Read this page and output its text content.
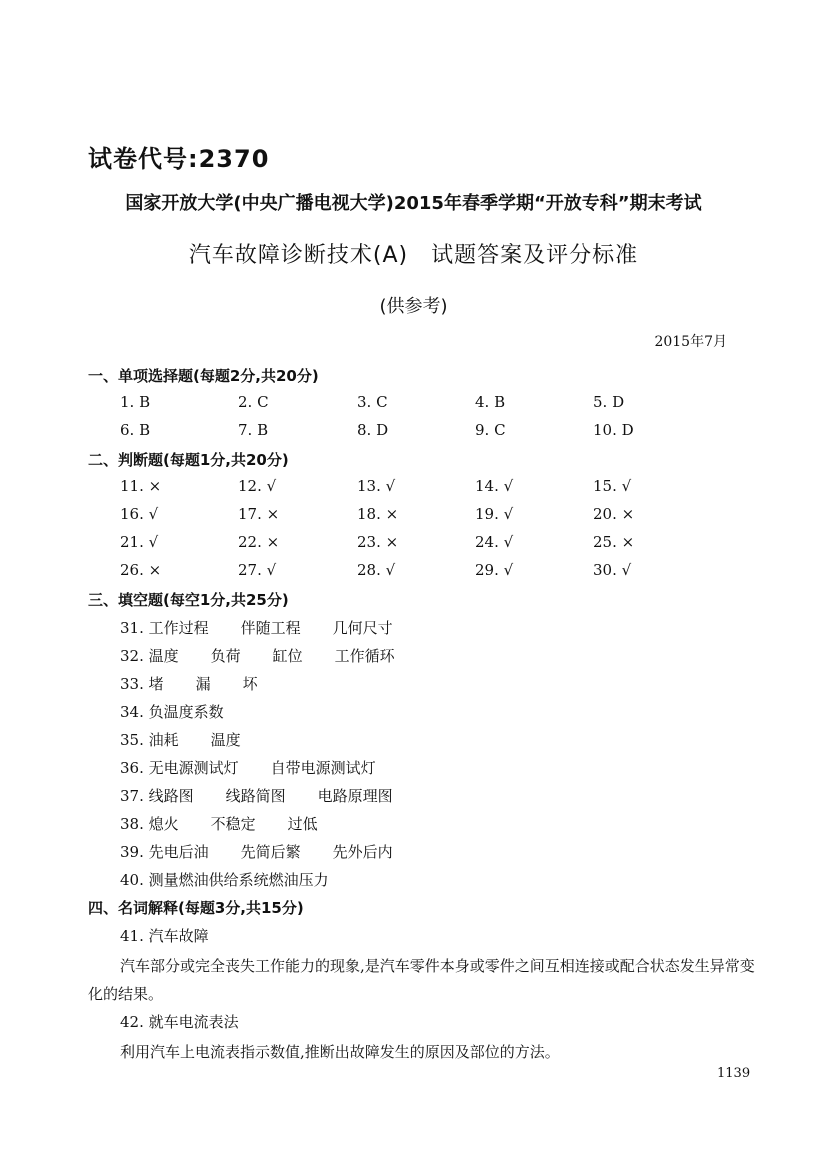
试卷代号:2370
国家开放大学(中央广播电视大学)2015年春季学期“开放专科”期末考试
汽车故障诊断技术(A)　试题答案及评分标准
(供参考)
2015年7月
一、单项选择题(每题2分,共20分)
1. B	2. C	3. C	4. B	5. D
6. B	7. B	8. D	9. C	10. D
二、判断题(每题1分,共20分)
11. ×	12. √	13. √	14. √	15. √
16. √	17. ×	18. ×	19. √	20. ×
21. √	22. ×	23. ×	24. √	25. ×
26. ×	27. √	28. √	29. √	30. √
三、填空题(每空1分,共25分)
31. 工作过程 伴随工程 几何尺寸
32. 温度 负荷 缸位 工作循环
33. 堵 漏 坏
34. 负温度系数
35. 油耗 温度
36. 无电源测试灯 自带电源测试灯
37. 线路图 线路简图 电路原理图
38. 熄火 不稳定 过低
39. 先电后油 先简后繁 先外后内
40. 测量燃油供给系统燃油压力
四、名词解释(每题3分,共15分)
41. 汽车故障
汽车部分或完全丧失工作能力的现象,是汽车零件本身或零件之间互相连接或配合状态发生异常变化的结果。
42. 就车电流表法
利用汽车上电流表指示数值,推断出故障发生的原因及部位的方法。
1139
